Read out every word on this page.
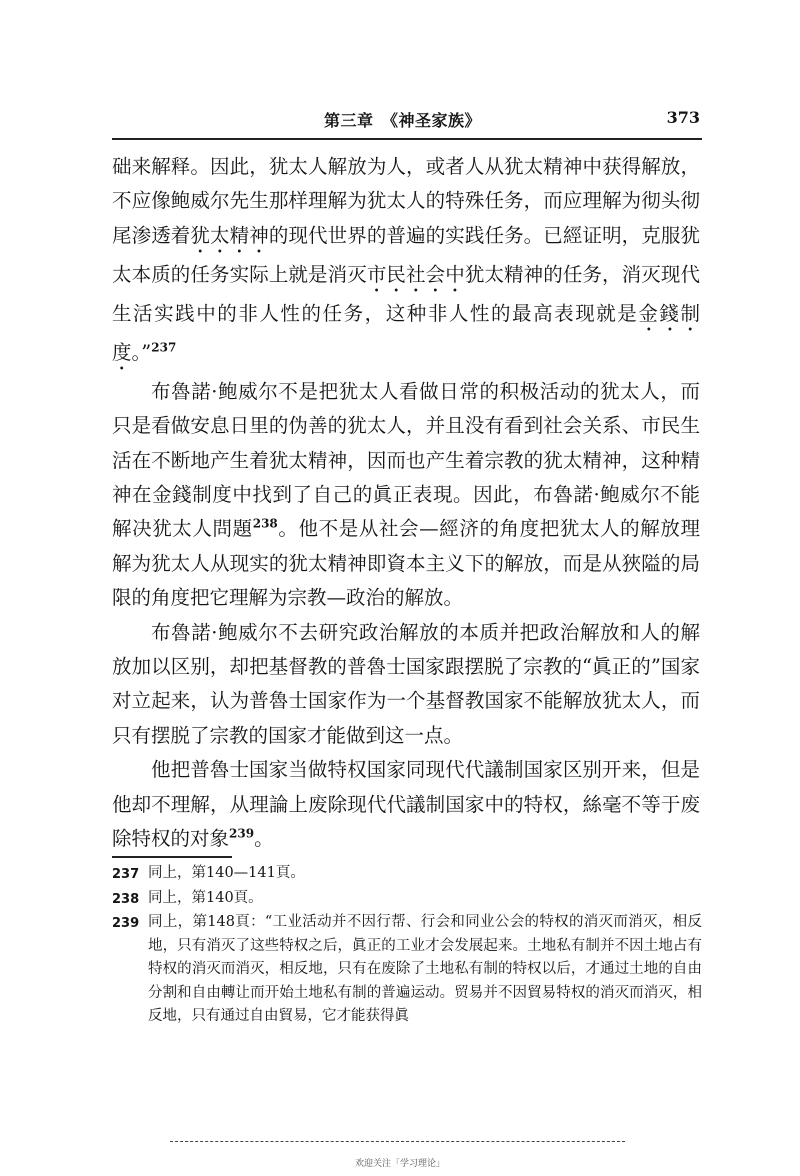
第三章　《神圣家族》	373

础来解释。因此，犹太人解放为人，或者人从犹太精神中获得解放，不应像鲍威尔先生那样理解为犹太人的特殊任务，而应理解为彻头彻尾渗透着犹太精神的现代世界的普遍的实践任务。已經证明，克服犹太本质的任务实际上就是消灭市民社会中犹太精神的任务，消灭现代生活实践中的非人性的任务，这种非人性的最高表现就是金錢制度。”$^{237}$

布魯諾·鲍威尔不是把犹太人看做日常的积极活动的犹太人，而只是看做安息日里的伪善的犹太人，并且没有看到社会关系、市民生活在不断地产生着犹太精神，因而也产生着宗教的犹太精神，这种精神在金錢制度中找到了自己的眞正表現。因此，布魯諾·鲍威尔不能解决犹太人問題$^{238}$。他不是从社会—經济的角度把犹太人的解放理解为犹太人从现实的犹太精神即資本主义下的解放，而是从狹隘的局限的角度把它理解为宗教—政治的解放。

布魯諾·鲍威尔不去研究政治解放的本质并把政治解放和人的解放加以区别，却把基督教的普魯士国家跟摆脱了宗教的“眞正的”国家对立起来，认为普魯士国家作为一个基督教国家不能解放犹太人，而只有摆脱了宗教的国家才能做到这一点。

他把普魯士国家当做特权国家同现代代議制国家区别开来，但是他却不理解，从理論上废除现代代議制国家中的特权，絲毫不等于废除特权的对象$^{239}$。

237 同上，第140—141頁。

238 同上，第140頁。

239 同上，第148頁：“工业活动并不因行帮、行会和同业公会的特权的消灭而消灭，相反地，只有消灭了这些特权之后，眞正的工业才会发展起来。土地私有制并不因土地占有特权的消灭而消灭，相反地，只有在废除了土地私有制的特权以后，才通过土地的自由分割和自由轉让而开始土地私有制的普遍运动。贸易并不因貿易特权的消灭而消灭，相反地，只有通过自由貿易，它才能获得眞

欢迎关注「学习理论」
